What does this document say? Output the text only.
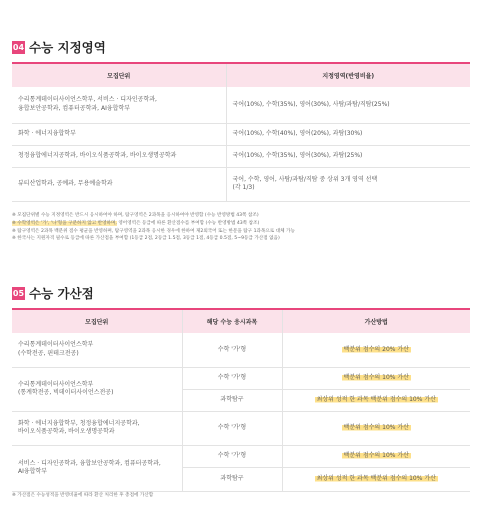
04 수능 지정영역
모집단위	지정영역(반영비율)

수리통계데이터사이언스학부, 서비스 · 디자인공학과,
융합보안공학과, 컴퓨터공학과, AI융합학부	국어(10%), 수학(35%), 영어(30%), 사탐/과탐/직탐(25%)
화학 · 에너지융합학부	국어(10%), 수학(40%), 영어(20%), 과탐(30%)
청정융합에너지공학과, 바이오식품공학과, 바이오생명공학과	국어(10%), 수학(35%), 영어(30%), 과탐(25%)
뷰티산업학과, 공예과, 무용예술학과	국어, 수학, 영어, 사탐/과탐/직탐 중 상위 3개 영역 선택
(각 1/3)
※ 모집단위별 수능 지정영역은 반드시 응시하여야 하며, 탐구영역은 2과목을 응시하여야 반영함 (수능 반영방법 43쪽 참조)
※ 수학영역은 '가', '나'형을 구분하지 않고 반영하며, 영어영역은 등급에 따른 환산점수를 부여함 (수능 반영방법 43쪽 참조)
※ 탐구영역은 2과목 백분위 점수 평균을 반영하며, 탐구영역을 2과목 응시한 경우에 한하여 제2외국어 또는 한문을 탐구 1과목으로 대체 가능
※ 한국사는 지원자격 필수로 등급에 따른 가산점을 부여함 (1등급 2점, 2등급 1.5점, 3등급 1점, 4등급 0.5점, 5~9등급 가산점 없음)
05 수능 가산점
모집단위	해당 수능 응시과목	가산방법

수리통계데이터사이언스학부
(수학전공, 핀테크전공)	수학 '가'형	백분위 점수의 20% 가산

수리통계데이터사이언스학부
(통계학전공, 빅데이터사이언스전공)	수학 '가'형	백분위 점수의 10% 가산
	과학탐구	최상위 성적 한 과목 백분위 점수의 10% 가산

화학 · 에너지융합학부, 청정융합에너지공학과,
바이오식품공학과, 바이오생명공학과	수학 '가'형	백분위 점수의 10% 가산

서비스 · 디자인공학과, 융합보안공학과, 컴퓨터공학과,
AI융합학부	수학 '가'형	백분위 점수의 10% 가산
	과학탐구	최상위 성적 한 과목 백분위 점수의 10% 가산
※ 가산점은 수능성적을 반영비율에 따라 환산 처리한 후 총점에 가산함
